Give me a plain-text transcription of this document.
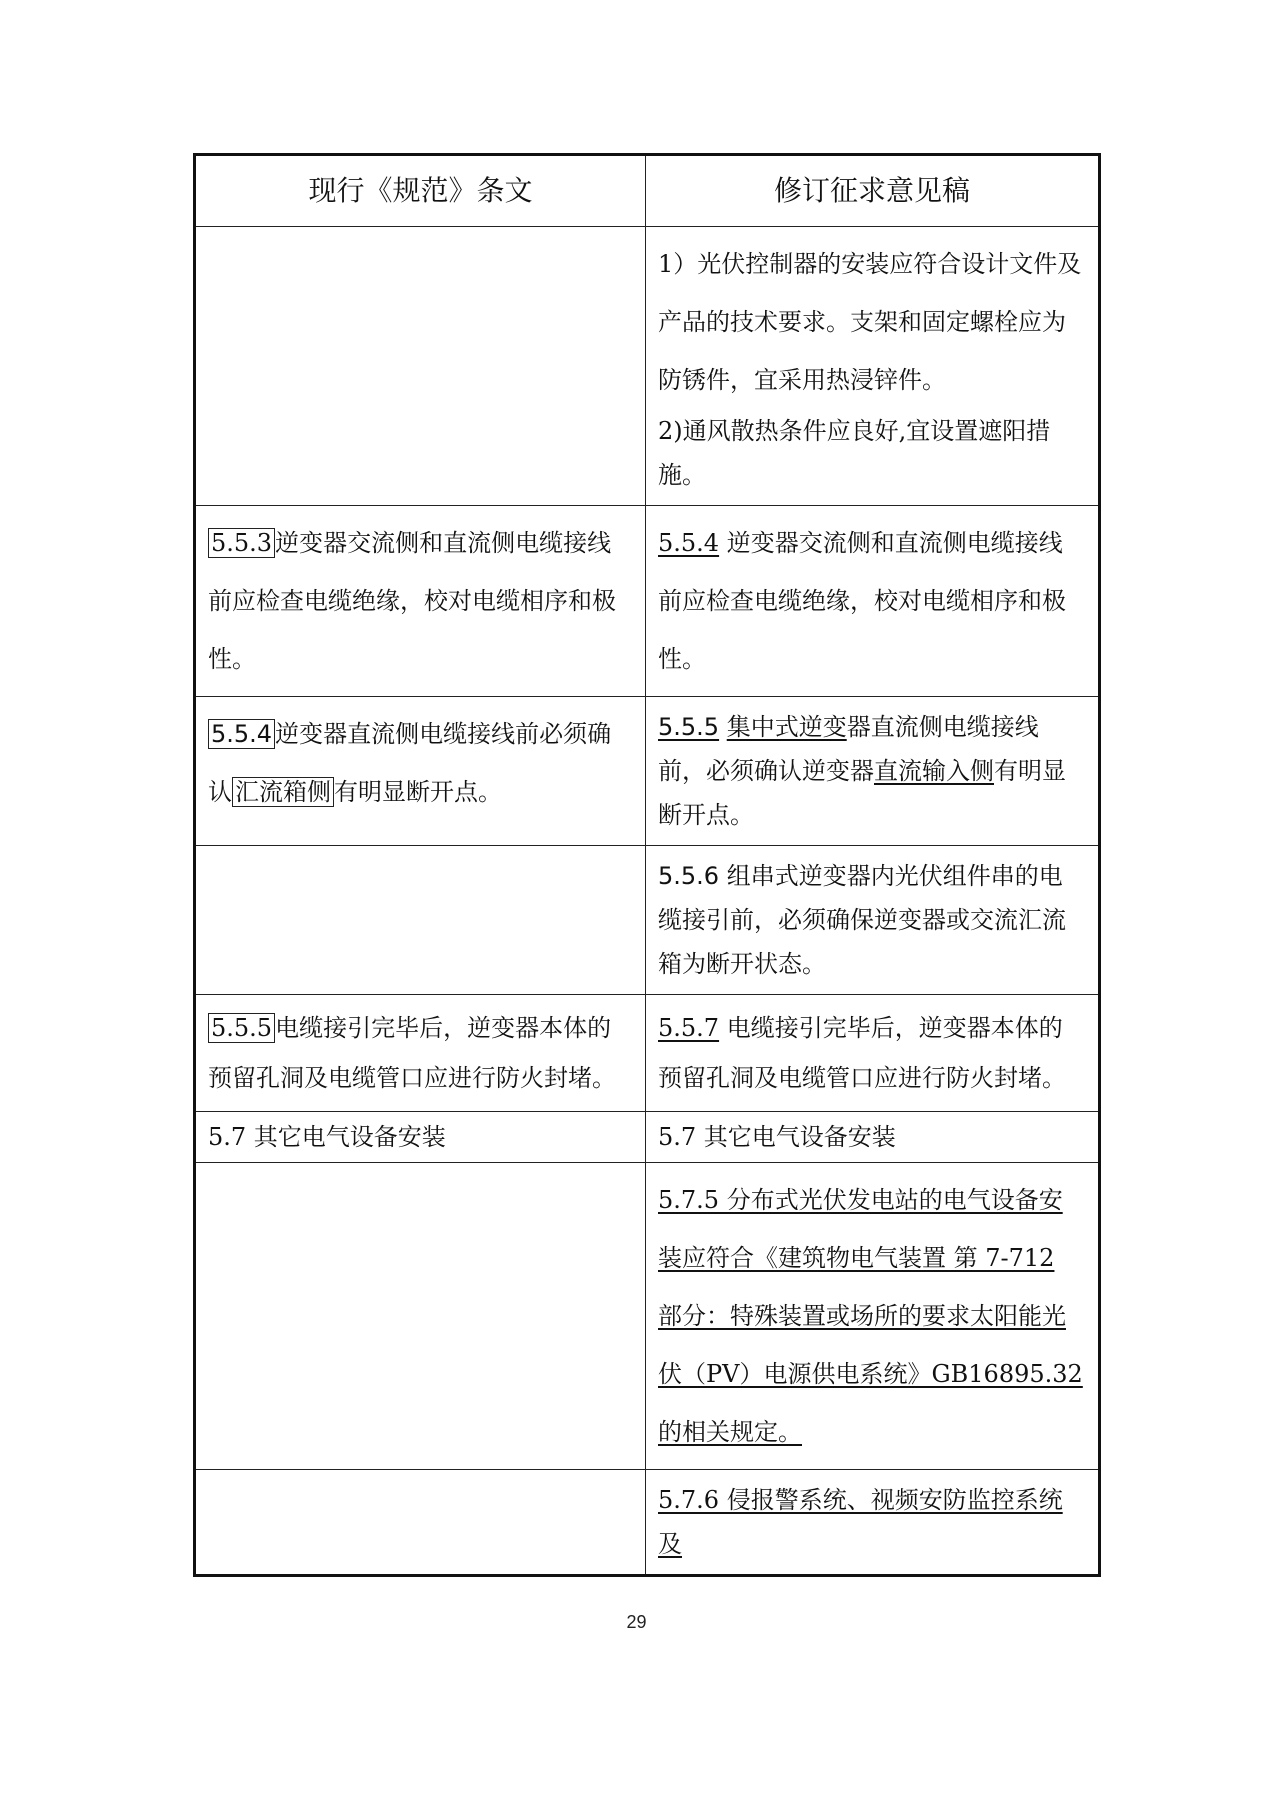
现行《规范》条文	修订征求意见稿

	1）光伏控制器的安装应符合设计文件及产品的技术要求。支架和固定螺栓应为防锈件，宜采用热浸锌件。
2)通风散热条件应良好,宜设置遮阳措施。

5.5.3 逆变器交流侧和直流侧电缆接线前应检查电缆绝缘，校对电缆相序和极性。	5.5.4 逆变器交流侧和直流侧电缆接线前应检查电缆绝缘，校对电缆相序和极性。
5.5.4 逆变器直流侧电缆接线前必须确认 汇流箱侧 有明显断开点。	5.5.5 集中式逆变器直流侧电缆接线前，必须确认逆变器直流输入侧有明显断开点。
	5.5.6 组串式逆变器内光伏组件串的电缆接引前，必须确保逆变器或交流汇流箱为断开状态。
5.5.5 电缆接引完毕后，逆变器本体的预留孔洞及电缆管口应进行防火封堵。	5.5.7 电缆接引完毕后，逆变器本体的预留孔洞及电缆管口应进行防火封堵。
5.7 其它电气设备安装	5.7 其它电气设备安装
	5.7.5 分布式光伏发电站的电气设备安装应符合《建筑物电气装置 第 7-712 部分：特殊装置或场所的要求太阳能光伏（PV）电源供电系统》GB16895.32 的相关规定。
	5.7.6 侵报警系统、视频安防监控系统及
29
